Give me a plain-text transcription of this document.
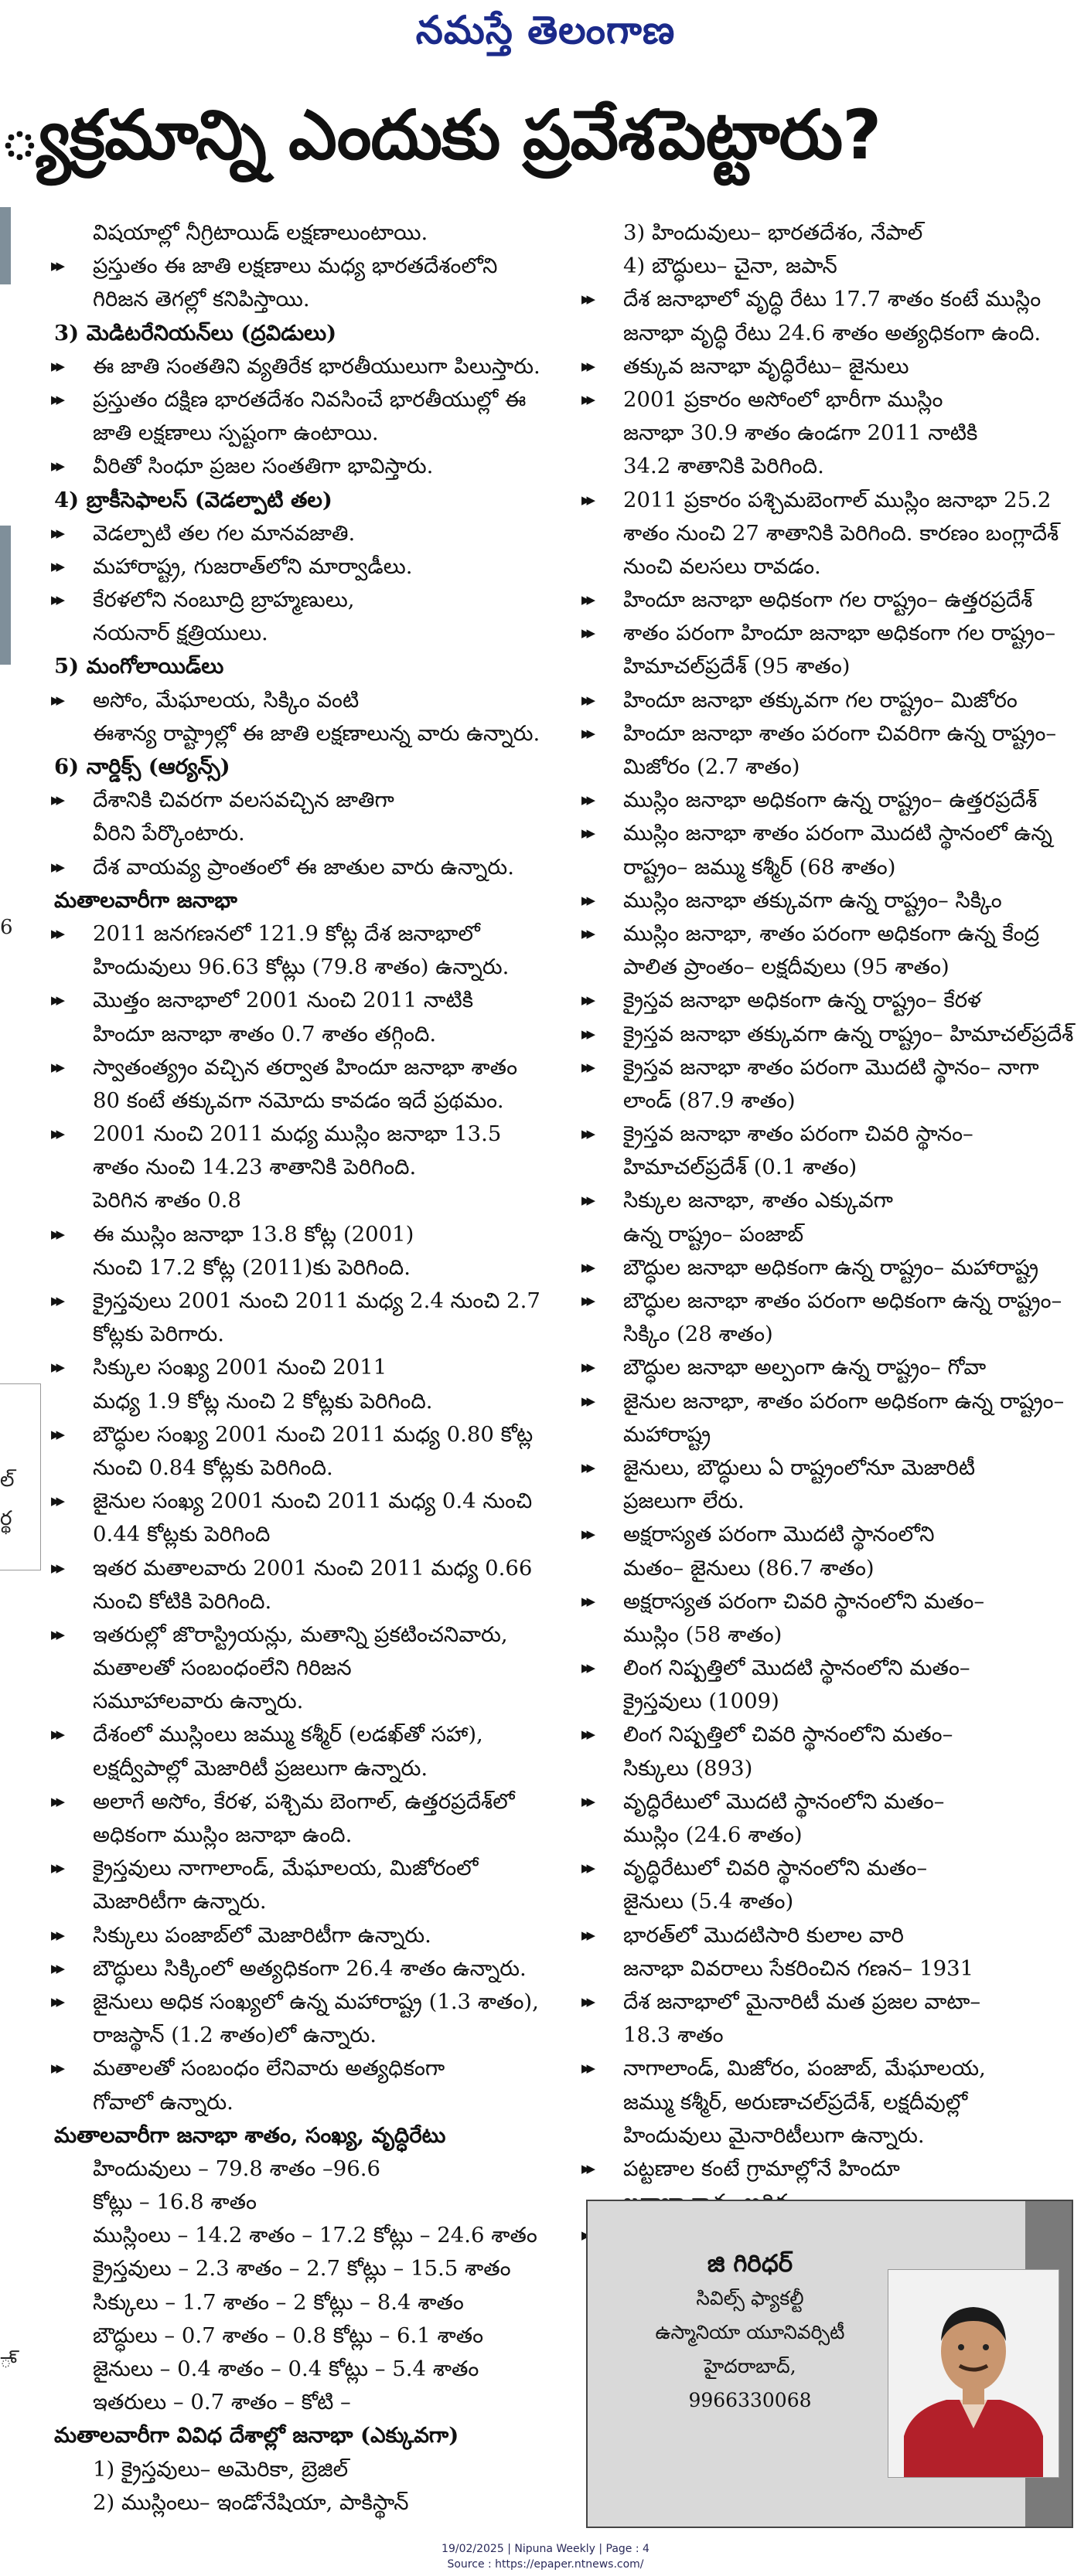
నమస్తే తెలంగాణ
్యక్రమాన్ని ఎందుకు ప్రవేశపెట్టారు?
6
ల్
ర్థ
ా్
విషయాల్లో నీగ్రిటాయిడ్ లక్షణాలుంటాయి.
▶▶ ప్రస్తుతం ఈ జాతి లక్షణాలు మధ్య భారతదేశంలోని
గిరిజన తెగల్లో కనిపిస్తాయి.
3) మెడిటరేనియన్‌లు (ద్రవిడులు)
▶▶ ఈ జాతి సంతతిని వ్యతిరేక భారతీయులుగా పిలుస్తారు.
▶▶ ప్రస్తుతం దక్షిణ భారతదేశం నివసించే భారతీయుల్లో ఈ
జాతి లక్షణాలు స్పష్టంగా ఉంటాయి.
▶▶ వీరితో సింధూ ప్రజల సంతతిగా భావిస్తారు.
4) బ్రాకీసెఫాలస్ (వెడల్పాటి తల)
▶▶ వెడల్పాటి తల గల మానవజాతి.
▶▶ మహారాష్ట్ర, గుజరాత్‌లోని మార్వాడీలు.
▶▶ కేరళలోని నంబూద్రి బ్రాహ్మణులు,
నయనార్ క్షత్రియులు.
5) మంగోలాయిడ్‌లు
▶▶ అసోం, మేఘాలయ, సిక్కిం వంటి
ఈశాన్య రాష్ట్రాల్లో ఈ జాతి లక్షణాలున్న వారు ఉన్నారు.
6) నార్డిక్స్ (ఆర్యన్స్)
▶▶ దేశానికి చివరగా వలసవచ్చిన జాతిగా
వీరిని పేర్కొంటారు.
▶▶ దేశ వాయవ్య ప్రాంతంలో ఈ జాతుల వారు ఉన్నారు.
మతాలవారీగా జనాభా
▶▶ 2011 జనగణనలో 121.9 కోట్ల దేశ జనాభాలో
హిందువులు 96.63 కోట్లు (79.8 శాతం) ఉన్నారు.
▶▶ మొత్తం జనాభాలో 2001 నుంచి 2011 నాటికి
హిందూ జనాభా శాతం 0.7 శాతం తగ్గింది.
▶▶ స్వాతంత్య్రం వచ్చిన తర్వాత హిందూ జనాభా శాతం
80 కంటే తక్కువగా నమోదు కావడం ఇదే ప్రథమం.
▶▶ 2001 నుంచి 2011 మధ్య ముస్లిం జనాభా 13.5
శాతం నుంచి 14.23 శాతానికి పెరిగింది.
పెరిగిన శాతం 0.8
▶▶ ఈ ముస్లిం జనాభా 13.8 కోట్ల (2001)
నుంచి 17.2 కోట్ల (2011)కు పెరిగింది.
▶▶ క్రైస్తవులు 2001 నుంచి 2011 మధ్య 2.4 నుంచి 2.7
కోట్లకు పెరిగారు.
▶▶ సిక్కుల సంఖ్య 2001 నుంచి 2011
మధ్య 1.9 కోట్ల నుంచి 2 కోట్లకు పెరిగింది.
▶▶ బౌద్ధుల సంఖ్య 2001 నుంచి 2011 మధ్య 0.80 కోట్ల
నుంచి 0.84 కోట్లకు పెరిగింది.
▶▶ జైనుల సంఖ్య 2001 నుంచి 2011 మధ్య 0.4 నుంచి
0.44 కోట్లకు పెరిగింది
▶▶ ఇతర మతాలవారు 2001 నుంచి 2011 మధ్య 0.66
నుంచి కోటికి పెరిగింది.
▶▶ ఇతరుల్లో జొరాస్ట్రియన్లు, మతాన్ని ప్రకటించనివారు,
మతాలతో సంబంధంలేని గిరిజన
సమూహాలవారు ఉన్నారు.
▶▶ దేశంలో ముస్లింలు జమ్ము కశ్మీర్ (లడఖ్‌తో సహా),
లక్షద్వీపాల్లో మెజారిటీ ప్రజలుగా ఉన్నారు.
▶▶ అలాగే అసోం, కేరళ, పశ్చిమ బెంగాల్, ఉత్తరప్రదేశ్‌లో
అధికంగా ముస్లిం జనాభా ఉంది.
▶▶ క్రైస్తవులు నాగాలాండ్, మేఘాలయ, మిజోరంలో
మెజారిటీగా ఉన్నారు.
▶▶ సిక్కులు పంజాబ్‌లో మెజారిటీగా ఉన్నారు.
▶▶ బౌద్ధులు సిక్కింలో అత్యధికంగా 26.4 శాతం ఉన్నారు.
▶▶ జైనులు అధిక సంఖ్యలో ఉన్న మహారాష్ట్ర (1.3 శాతం),
రాజస్థాన్ (1.2 శాతం)లో ఉన్నారు.
▶▶ మతాలతో సంబంధం లేనివారు అత్యధికంగా
గోవాలో ఉన్నారు.
మతాలవారీగా జనాభా శాతం, సంఖ్య, వృద్ధిరేటు
హిందువులు – 79.8 శాతం –96.6
కోట్లు – 16.8 శాతం
ముస్లింలు – 14.2 శాతం – 17.2 కోట్లు – 24.6 శాతం
క్రైస్తవులు – 2.3 శాతం – 2.7 కోట్లు – 15.5 శాతం
సిక్కులు – 1.7 శాతం – 2 కోట్లు – 8.4 శాతం
బౌద్ధులు – 0.7 శాతం – 0.8 కోట్లు – 6.1 శాతం
జైనులు – 0.4 శాతం – 0.4 కోట్లు – 5.4 శాతం
ఇతరులు – 0.7 శాతం – కోటి –
మతాలవారీగా వివిధ దేశాల్లో జనాభా (ఎక్కువగా)
1) క్రైస్తవులు– అమెరికా, బ్రెజిల్
2) ముస్లింలు– ఇండోనేషియా, పాకిస్థాన్
3) హిందువులు– భారతదేశం, నేపాల్
4) బౌద్ధులు– చైనా, జపాన్
▶▶ దేశ జనాభాలో వృద్ధి రేటు 17.7 శాతం కంటే ముస్లిం
జనాభా వృద్ధి రేటు 24.6 శాతం అత్యధికంగా ఉంది.
▶▶ తక్కువ జనాభా వృద్ధిరేటు– జైనులు
▶▶ 2001 ప్రకారం అసోంలో భారీగా ముస్లిం
జనాభా 30.9 శాతం ఉండగా 2011 నాటికి
34.2 శాతానికి పెరిగింది.
▶▶ 2011 ప్రకారం పశ్చిమబెంగాల్ ముస్లిం జనాభా 25.2
శాతం నుంచి 27 శాతానికి పెరిగింది. కారణం బంగ్లాదేశ్
నుంచి వలసలు రావడం.
▶▶ హిందూ జనాభా అధికంగా గల రాష్ట్రం– ఉత్తరప్రదేశ్
▶▶ శాతం పరంగా హిందూ జనాభా అధికంగా గల రాష్ట్రం–
హిమాచల్‌ప్రదేశ్ (95 శాతం)
▶▶ హిందూ జనాభా తక్కువగా గల రాష్ట్రం– మిజోరం
▶▶ హిందూ జనాభా శాతం పరంగా చివరిగా ఉన్న రాష్ట్రం–
మిజోరం (2.7 శాతం)
▶▶ ముస్లిం జనాభా అధికంగా ఉన్న రాష్ట్రం– ఉత్తరప్రదేశ్
▶▶ ముస్లిం జనాభా శాతం పరంగా మొదటి స్థానంలో ఉన్న
రాష్ట్రం– జమ్ము కశ్మీర్ (68 శాతం)
▶▶ ముస్లిం జనాభా తక్కువగా ఉన్న రాష్ట్రం– సిక్కిం
▶▶ ముస్లిం జనాభా, శాతం పరంగా అధికంగా ఉన్న కేంద్ర
పాలిత ప్రాంతం– లక్షదీవులు (95 శాతం)
▶▶ క్రైస్తవ జనాభా అధికంగా ఉన్న రాష్ట్రం– కేరళ
▶▶ క్రైస్తవ జనాభా తక్కువగా ఉన్న రాష్ట్రం– హిమాచల్‌ప్రదేశ్
▶▶ క్రైస్తవ జనాభా శాతం పరంగా మొదటి స్థానం– నాగా
లాండ్ (87.9 శాతం)
▶▶ క్రైస్తవ జనాభా శాతం పరంగా చివరి స్థానం–
హిమాచల్‌ప్రదేశ్ (0.1 శాతం)
▶▶ సిక్కుల జనాభా, శాతం ఎక్కువగా
ఉన్న రాష్ట్రం– పంజాబ్
▶▶ బౌద్ధుల జనాభా అధికంగా ఉన్న రాష్ట్రం– మహారాష్ట్ర
▶▶ బౌద్ధుల జనాభా శాతం పరంగా అధికంగా ఉన్న రాష్ట్రం–
సిక్కిం (28 శాతం)
▶▶ బౌద్ధుల జనాభా అల్పంగా ఉన్న రాష్ట్రం– గోవా
▶▶ జైనుల జనాభా, శాతం పరంగా అధికంగా ఉన్న రాష్ట్రం–
మహారాష్ట్ర
▶▶ జైనులు, బౌద్ధులు ఏ రాష్ట్రంలోనూ మెజారిటీ
ప్రజలుగా లేరు.
▶▶ అక్షరాస్యత పరంగా మొదటి స్థానంలోని
మతం– జైనులు (86.7 శాతం)
▶▶ అక్షరాస్యత పరంగా చివరి స్థానంలోని మతం–
ముస్లిం (58 శాతం)
▶▶ లింగ నిష్పత్తిలో మొదటి స్థానంలోని మతం–
క్రైస్తవులు (1009)
▶▶ లింగ నిష్పత్తిలో చివరి స్థానంలోని మతం–
సిక్కులు (893)
▶▶ వృద్ధిరేటులో మొదటి స్థానంలోని మతం–
ముస్లిం (24.6 శాతం)
▶▶ వృద్ధిరేటులో చివరి స్థానంలోని మతం–
జైనులు (5.4 శాతం)
▶▶ భారత్‌లో మొదటిసారి కులాల వారి
జనాభా వివరాలు సేకరించిన గణన– 1931
▶▶ దేశ జనాభాలో మైనారిటీ మత ప్రజల వాటా–
18.3 శాతం
▶▶ నాగాలాండ్, మిజోరం, పంజాబ్, మేఘాలయ,
జమ్ము కశ్మీర్, అరుణాచల్‌ప్రదేశ్, లక్షదీవుల్లో
హిందువులు మైనారిటీలుగా ఉన్నారు.
▶▶ పట్టణాల కంటే గ్రామాల్లోనే హిందూ
▶▶
జి గిరిధర్
సివిల్స్ ఫ్యాకల్టీ
ఉస్మానియా యూనివర్సిటీ
హైదరాబాద్,
9966330068
19/02/2025 | Nipuna Weekly | Page : 4
Source : https://epaper.ntnews.com/
